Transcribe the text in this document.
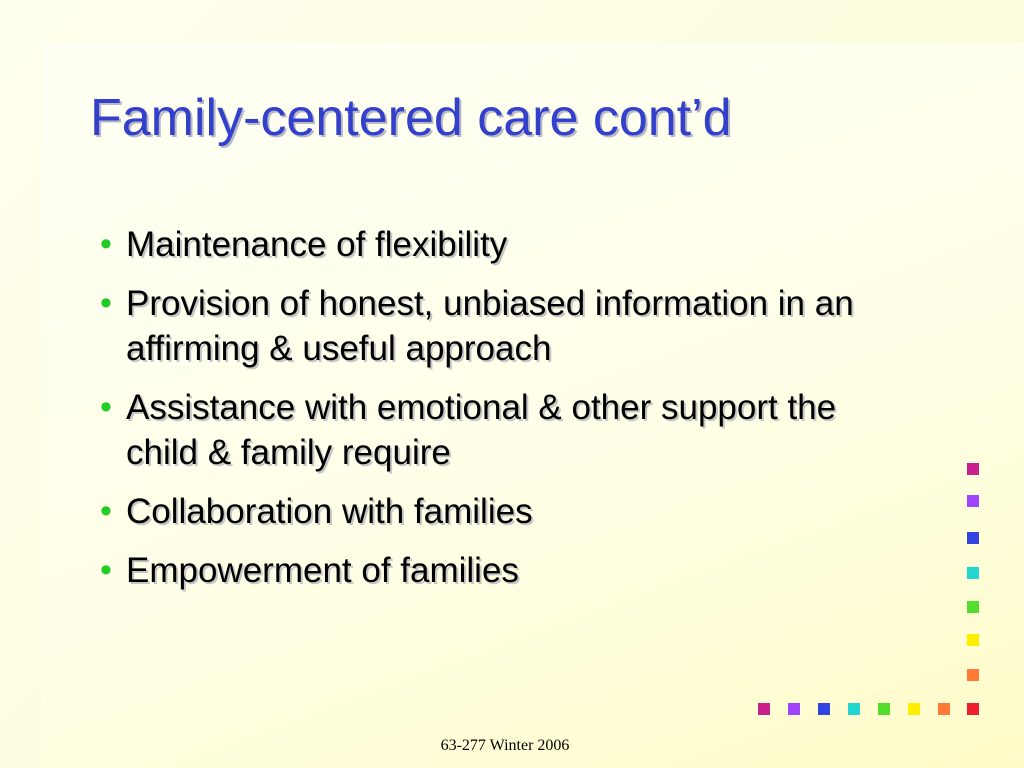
Family-centered care cont’d
• Maintenance of flexibility
• Provision of honest, unbiased information in an affirming & useful approach
• Assistance with emotional & other support the child & family require
• Collaboration with families
• Empowerment of families
63-277 Winter 2006
